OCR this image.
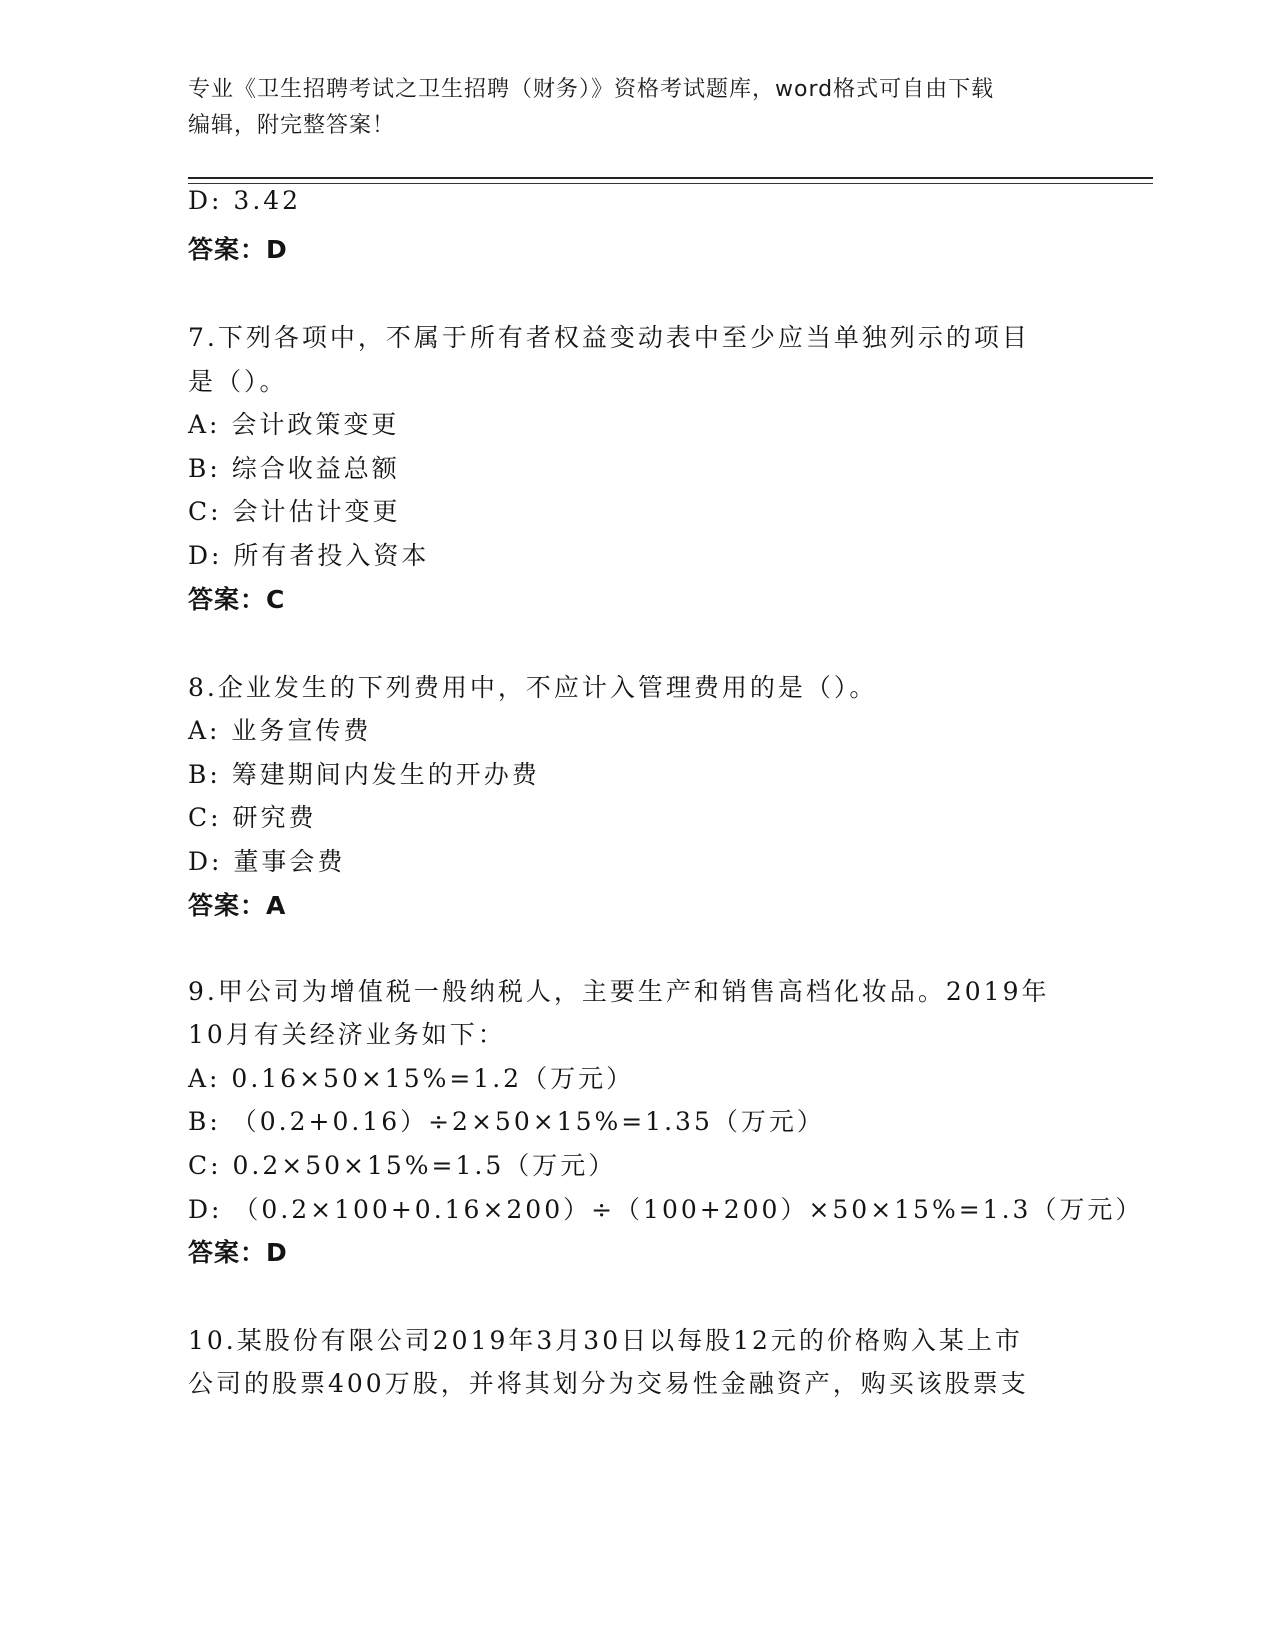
专业《卫生招聘考试之卫生招聘（财务）》资格考试题库，word格式可自由下载
编辑，附完整答案！
D: 3.42
答案：D
7.下列各项中，不属于所有者权益变动表中至少应当单独列示的项目
是（）。
A: 会计政策变更
B: 综合收益总额
C: 会计估计变更
D: 所有者投入资本
答案：C
8.企业发生的下列费用中，不应计入管理费用的是（）。
A: 业务宣传费
B: 筹建期间内发生的开办费
C: 研究费
D: 董事会费
答案：A
9.甲公司为增值税一般纳税人，主要生产和销售高档化妆品。2019年
10月有关经济业务如下：
A: 0.16×50×15%=1.2（万元）
B: （0.2+0.16）÷2×50×15%=1.35（万元）
C: 0.2×50×15%=1.5（万元）
D: （0.2×100+0.16×200）÷（100+200）×50×15%=1.3（万元）
答案：D
10.某股份有限公司2019年3月30日以每股12元的价格购入某上市
公司的股票400万股，并将其划分为交易性金融资产，购买该股票支
